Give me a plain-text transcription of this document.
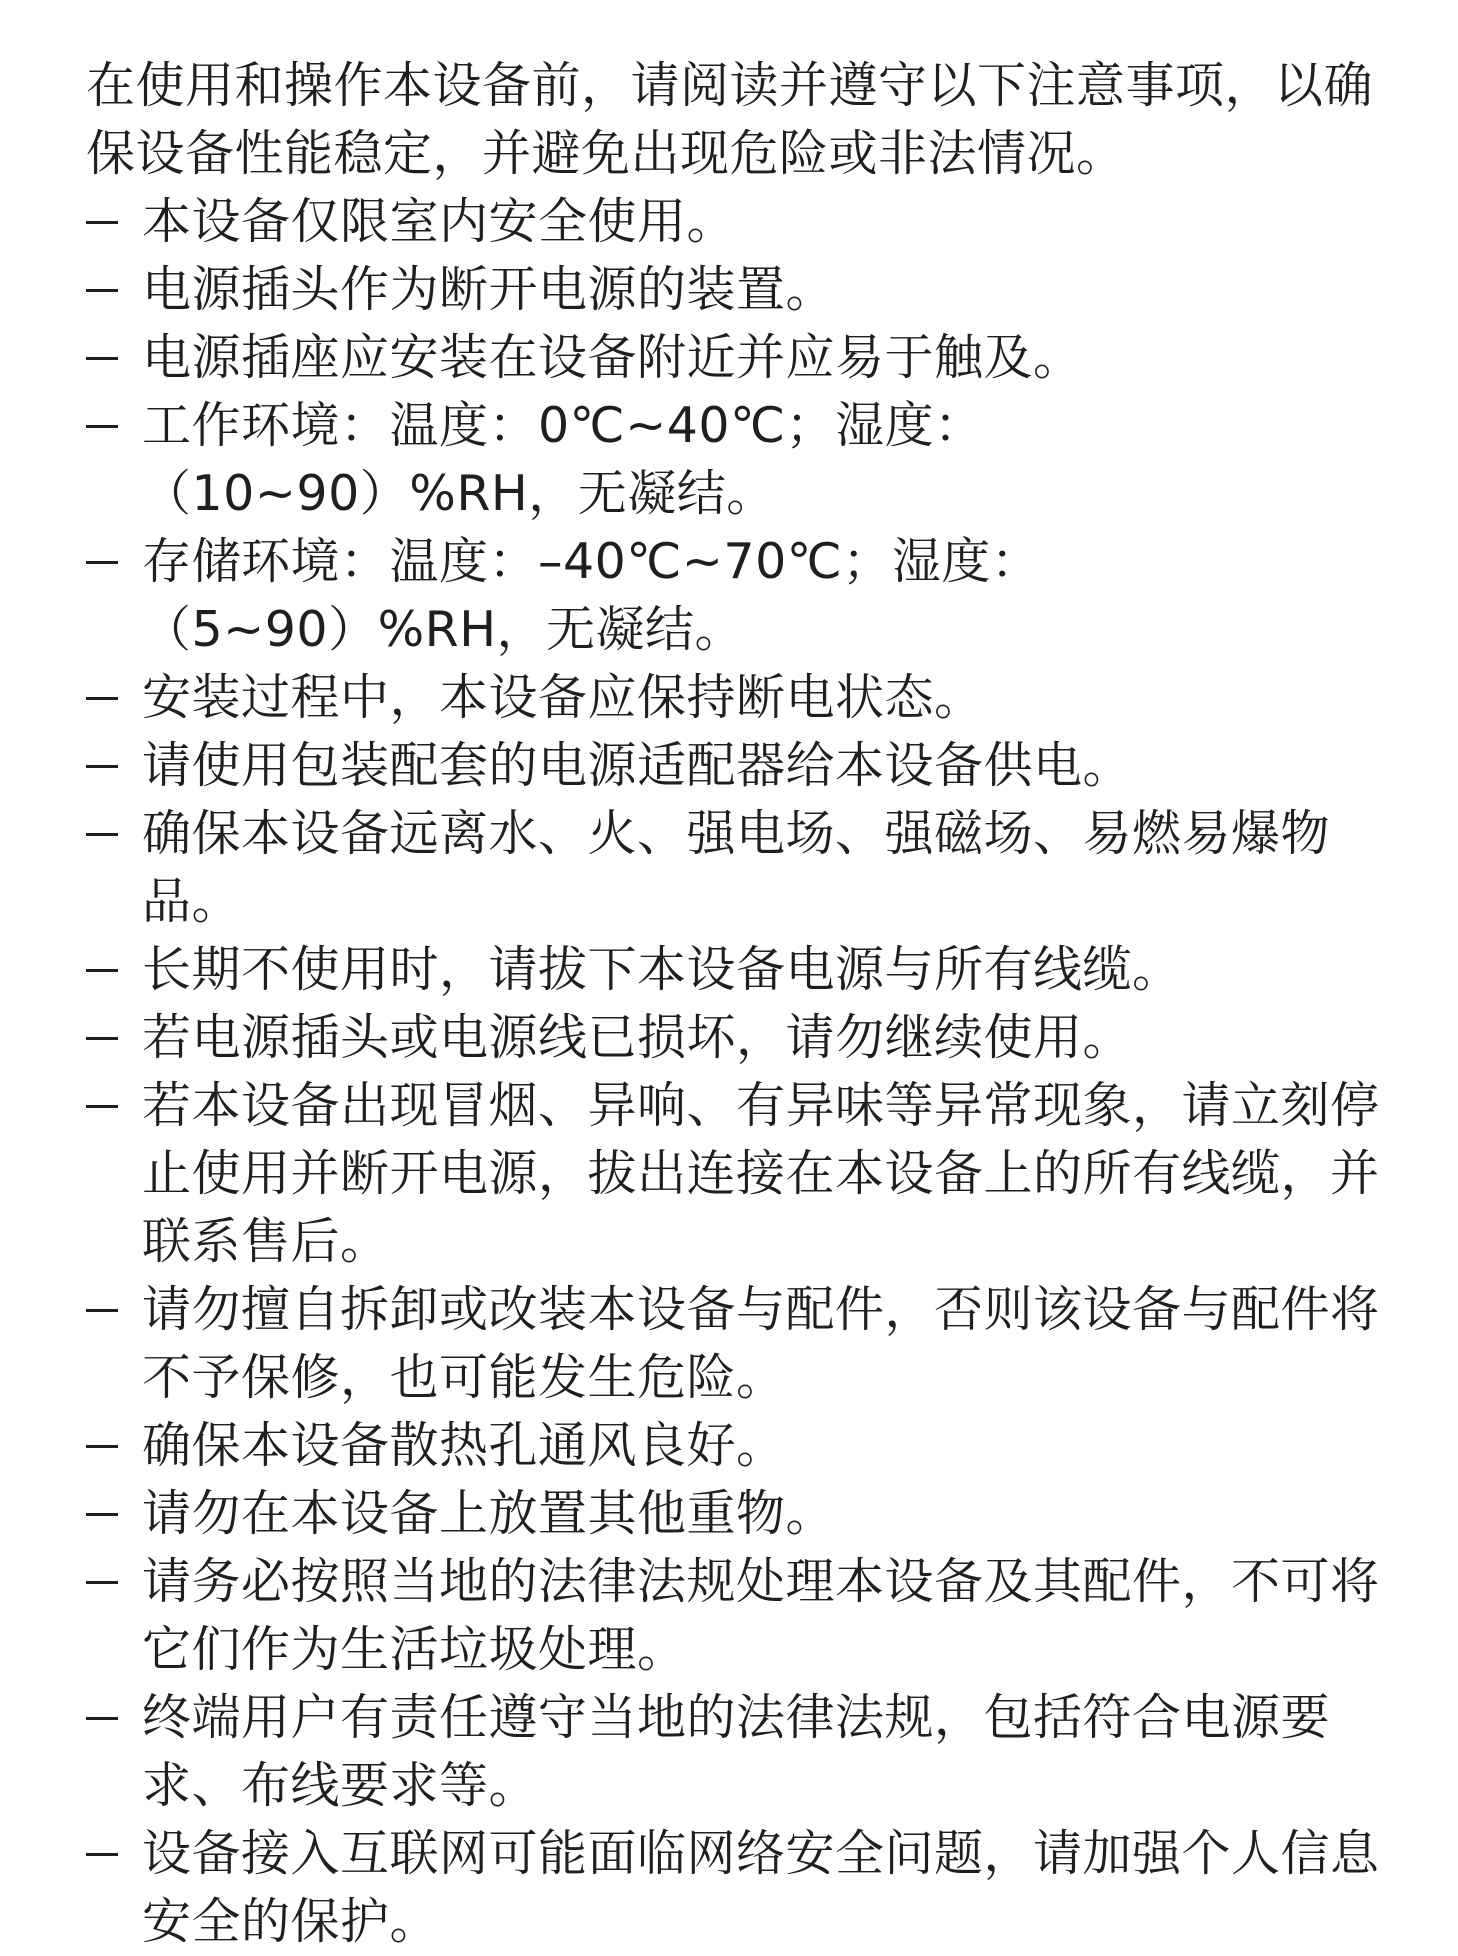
在使用和操作本设备前，请阅读并遵守以下注意事项，以确保设备性能稳定，并避免出现危险或非法情况。

本设备仅限室内安全使用。
电源插头作为断开电源的装置。
电源插座应安装在设备附近并应易于触及。
工作环境：温度：0℃~40℃；湿度：（10~90）%RH，无凝结。
存储环境：温度：–40℃~70℃；湿度：（5~90）%RH，无凝结。
安装过程中，本设备应保持断电状态。
请使用包装配套的电源适配器给本设备供电。
确保本设备远离水、火、强电场、强磁场、易燃易爆物品。
长期不使用时，请拔下本设备电源与所有线缆。
若电源插头或电源线已损坏，请勿继续使用。
若本设备出现冒烟、异响、有异味等异常现象，请立刻停止使用并断开电源，拔出连接在本设备上的所有线缆，并联系售后。
请勿擅自拆卸或改装本设备与配件，否则该设备与配件将不予保修，也可能发生危险。
确保本设备散热孔通风良好。
请勿在本设备上放置其他重物。
请务必按照当地的法律法规处理本设备及其配件，不可将它们作为生活垃圾处理。
终端用户有责任遵守当地的法律法规，包括符合电源要求、布线要求等。
设备接入互联网可能面临网络安全问题，请加强个人信息安全的保护。
